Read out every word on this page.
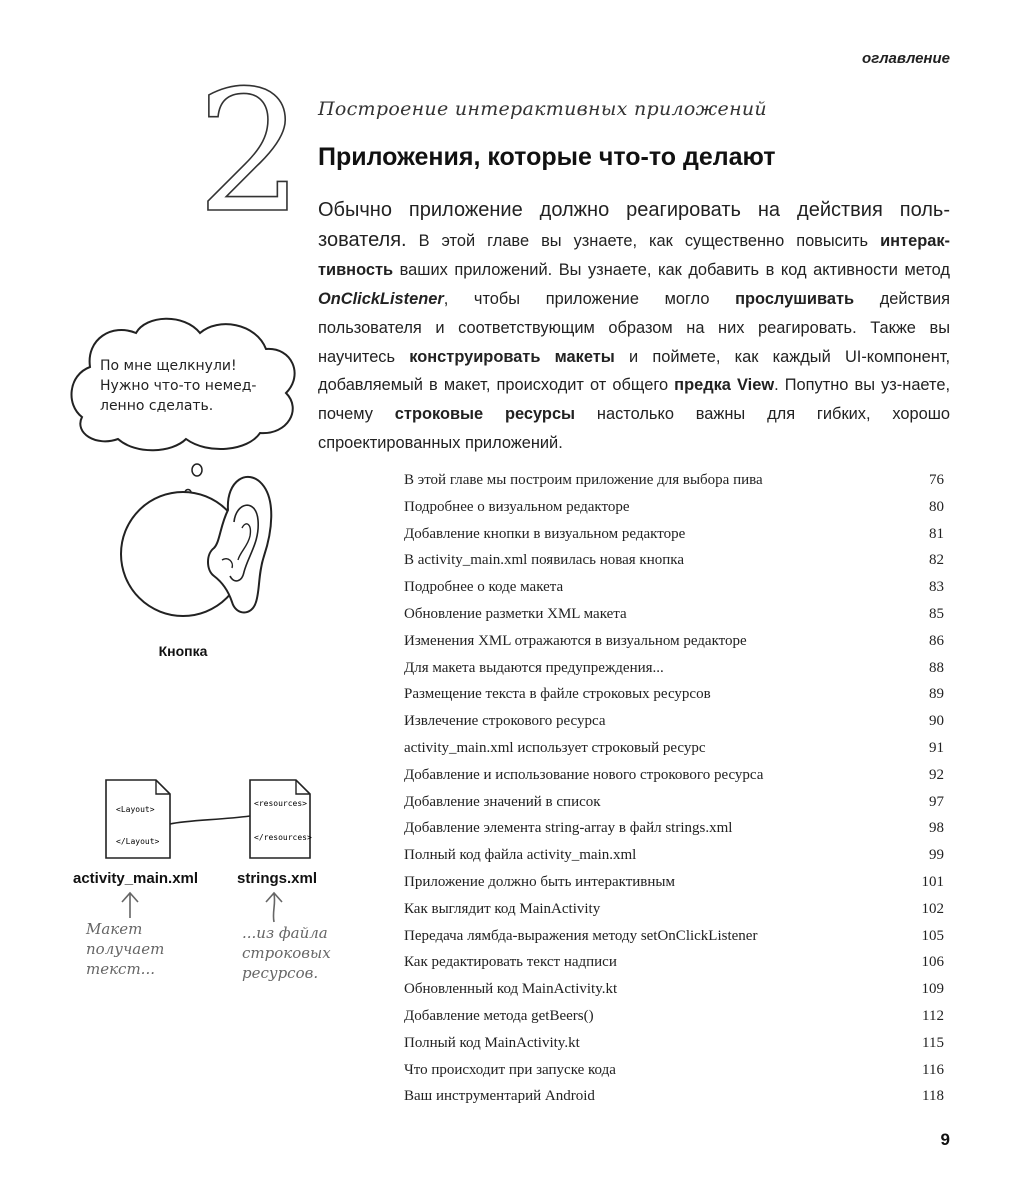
оглавление
2 Построение интерактивных приложений
Приложения, которые что-то делают

Обычно приложение должно реагировать на действия поль-зователя. В этой главе вы узнаете, как существенно повысить интерак-тивность ваших приложений. Вы узнаете, как добавить в код активности метод OnClickListener, чтобы приложение могло прослушивать действия пользователя и соответствующим образом на них реагировать. Также вы научитесь конструировать макеты и поймете, как каждый UI-компонент, добавляемый в макет, происходит от общего предка View. Попутно вы уз-наете, почему строковые ресурсы настолько важны для гибких, хорошо спроектированных приложений.

В этой главе мы построим приложение для выбора пива	76
Подробнее о визуальном редакторе	80
Добавление кнопки в визуальном редакторе	81
В activity_main.xml появилась новая кнопка	82
Подробнее о коде макета	83
Обновление разметки XML макета	85
Изменения XML отражаются в визуальном редакторе	86
Для макета выдаются предупреждения...	88
Размещение текста в файле строковых ресурсов	89
Извлечение строкового ресурса	90
activity_main.xml использует строковый ресурс	91
Добавление и использование нового строкового ресурса	92
Добавление значений в список	97
Добавление элемента string-array в файл strings.xml	98
Полный код файла activity_main.xml	99
Приложение должно быть интерактивным	101
Как выглядит код MainActivity	102
Передача лямбда-выражения методу setOnClickListener	105
Как редактировать текст надписи	106
Обновленный код MainActivity.kt	109
Добавление метода getBeers()	112
Полный код MainActivity.kt	115
Что происходит при запуске кода	116
Ваш инструментарий Android	118
По мне щелкнули!
Нужно что-то немед-
ленно сделать.
Кнопка
<Layout>
</Layout>
<resources>
</resources>
activity_main.xml	strings.xml
Макет
получает
текст...
...из файла
строковых
ресурсов.
9
